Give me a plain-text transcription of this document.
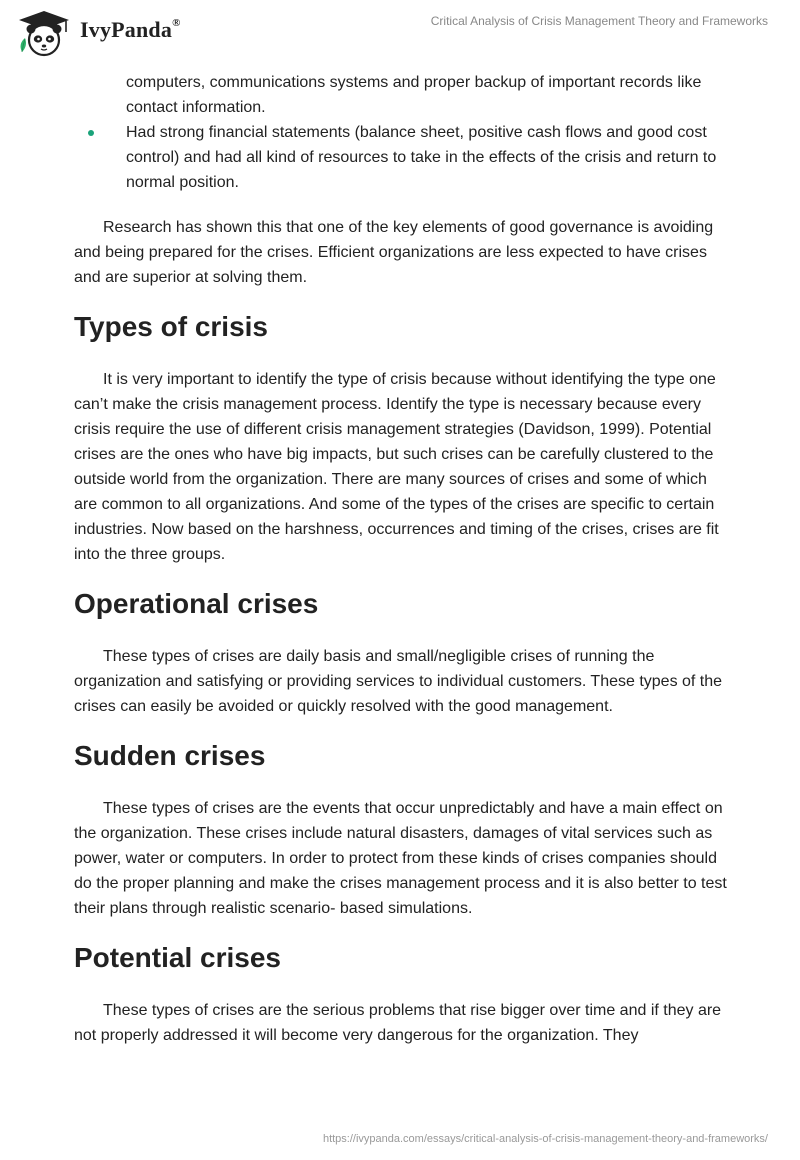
IvyPanda®	Critical Analysis of Crisis Management Theory and Frameworks
computers, communications systems and proper backup of important records like contact information.
Had strong financial statements (balance sheet, positive cash flows and good cost control) and had all kind of resources to take in the effects of the crisis and return to normal position.

Research has shown this that one of the key elements of good governance is avoiding and being prepared for the crises. Efficient organizations are less expected to have crises and are superior at solving them.

Types of crisis

It is very important to identify the type of crisis because without identifying the type one can’t make the crisis management process. Identify the type is necessary because every crisis require the use of different crisis management strategies (Davidson, 1999). Potential crises are the ones who have big impacts, but such crises can be carefully clustered to the outside world from the organization. There are many sources of crises and some of which are common to all organizations. And some of the types of the crises are specific to certain industries. Now based on the harshness, occurrences and timing of the crises, crises are fit into the three groups.

Operational crises

These types of crises are daily basis and small/negligible crises of running the organization and satisfying or providing services to individual customers. These types of the crises can easily be avoided or quickly resolved with the good management.

Sudden crises

These types of crises are the events that occur unpredictably and have a main effect on the organization. These crises include natural disasters, damages of vital services such as power, water or computers. In order to protect from these kinds of crises companies should do the proper planning and make the crises management process and it is also better to test their plans through realistic scenario- based simulations.

Potential crises

These types of crises are the serious problems that rise bigger over time and if they are not properly addressed it will become very dangerous for the organization. They

https://ivypanda.com/essays/critical-analysis-of-crisis-management-theory-and-frameworks/
